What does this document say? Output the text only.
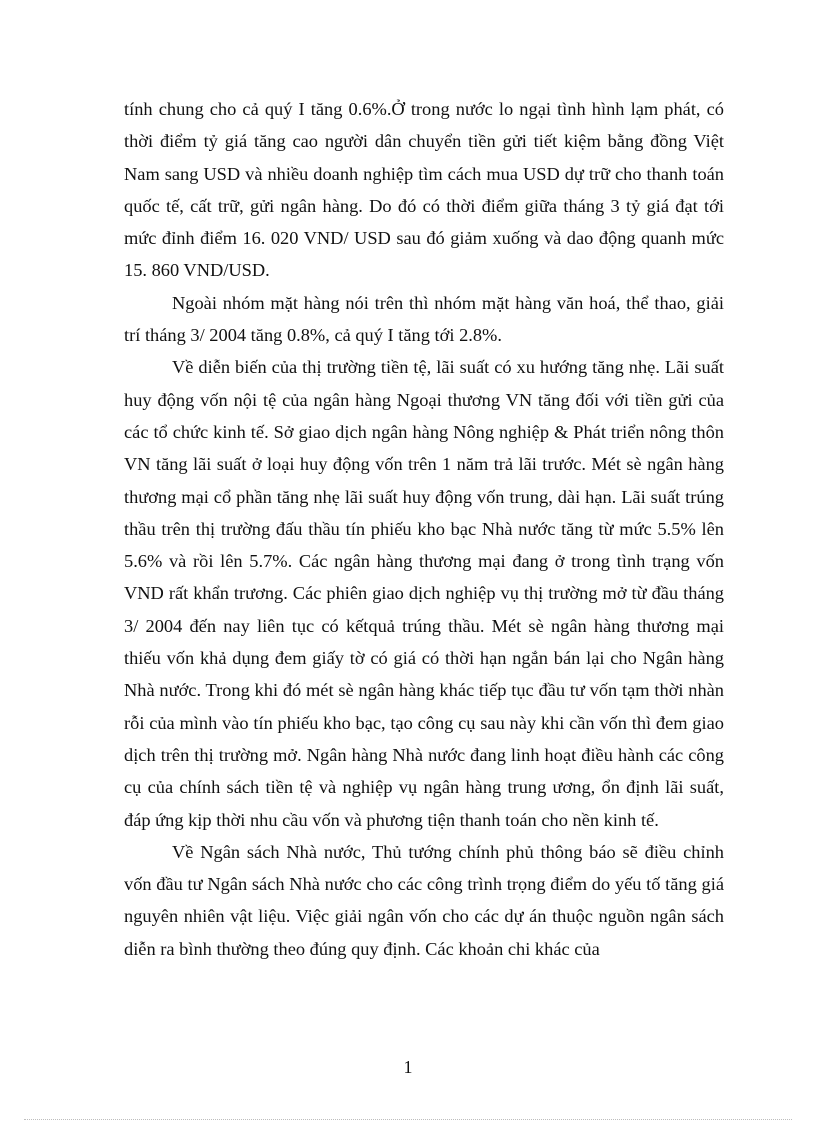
tính chung cho cả quý I tăng 0.6%.Ở trong nước lo ngại tình hình lạm phát, có thời điểm tỷ giá tăng cao người dân chuyển tiền gửi tiết kiệm bằng đồng Việt Nam sang USD và nhiều doanh nghiệp tìm cách mua USD dự trữ cho thanh toán quốc tế, cất trữ, gửi ngân hàng. Do đó có thời điểm giữa tháng 3 tỷ giá đạt tới mức đỉnh điểm 16. 020 VND/ USD sau đó giảm xuống và dao động quanh mức 15. 860 VND/USD.

Ngoài nhóm mặt hàng nói trên thì nhóm mặt hàng văn hoá, thể thao, giải trí tháng 3/ 2004 tăng 0.8%, cả quý I tăng tới 2.8%.

Về diễn biến của thị trường tiền tệ, lãi suất có xu hướng tăng nhẹ. Lãi suất huy động vốn nội tệ của ngân hàng Ngoại thương VN tăng đối với tiền gửi của các tổ chức kinh tế. Sở giao dịch ngân hàng Nông nghiệp & Phát triển nông thôn VN tăng lãi suất ở loại huy động vốn trên 1 năm trả lãi trước. Mét sè ngân hàng thương mại cổ phần tăng nhẹ lãi suất huy động vốn trung, dài hạn. Lãi suất trúng thầu trên thị trường đấu thầu tín phiếu kho bạc Nhà nước tăng từ mức 5.5% lên 5.6% và rồi lên 5.7%. Các ngân hàng thương mại đang ở trong tình trạng vốn VND rất khẩn trương. Các phiên giao dịch nghiệp vụ thị trường mở từ đầu tháng 3/ 2004 đến nay liên tục có kếtquả trúng thầu. Mét sè ngân hàng thương mại thiếu vốn khả dụng đem giấy tờ có giá có thời hạn ngắn bán lại cho Ngân hàng Nhà nước. Trong khi đó mét sè ngân hàng khác tiếp tục đầu tư vốn tạm thời nhàn rỗi của mình vào tín phiếu kho bạc, tạo công cụ sau này khi cần vốn thì đem giao dịch trên thị trường mở. Ngân hàng Nhà nước đang linh hoạt điều hành các công cụ của chính sách tiền tệ và nghiệp vụ ngân hàng trung ương, ổn định lãi suất, đáp ứng kịp thời nhu cầu vốn và phương tiện thanh toán cho nền kinh tế.

Về Ngân sách Nhà nước, Thủ tướng chính phủ thông báo sẽ điều chỉnh vốn đầu tư Ngân sách Nhà nước cho các công trình trọng điểm do yếu tố tăng giá nguyên nhiên vật liệu. Việc giải ngân vốn cho các dự án thuộc nguồn ngân sách diễn ra bình thường theo đúng quy định. Các khoản chi khác của

1
